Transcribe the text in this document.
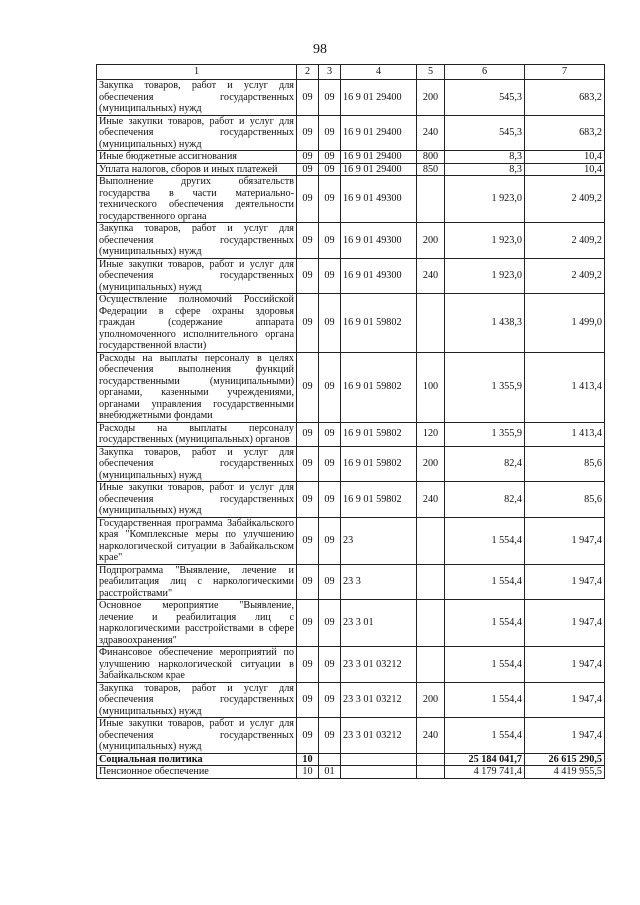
98
1	2	3	4	5	6	7
Закупка товаров, работ и услуг для обеспечения государственных (муниципальных) нужд	09	09	16 9 01 29400	200	545,3	683,2
Иные закупки товаров, работ и услуг для обеспечения государственных (муниципальных) нужд	09	09	16 9 01 29400	240	545,3	683,2
Иные бюджетные ассигнования	09	09	16 9 01 29400	800	8,3	10,4
Уплата налогов, сборов и иных платежей	09	09	16 9 01 29400	850	8,3	10,4
Выполнение других обязательств государства в части материально-технического обеспечения деятельности государственного органа	09	09	16 9 01 49300		1 923,0	2 409,2
Закупка товаров, работ и услуг для обеспечения государственных (муниципальных) нужд	09	09	16 9 01 49300	200	1 923,0	2 409,2
Иные закупки товаров, работ и услуг для обеспечения государственных (муниципальных) нужд	09	09	16 9 01 49300	240	1 923,0	2 409,2
Осуществление полномочий Российской Федерации в сфере охраны здоровья граждан (содержание аппарата уполномоченного исполнительного органа государственной власти)	09	09	16 9 01 59802		1 438,3	1 499,0
Расходы на выплаты персоналу в целях обеспечения выполнения функций государственными (муниципальными) органами, казенными учреждениями, органами управления государственными внебюджетными фондами	09	09	16 9 01 59802	100	1 355,9	1 413,4
Расходы на выплаты персоналу государственных (муниципальных) органов	09	09	16 9 01 59802	120	1 355,9	1 413,4
Закупка товаров, работ и услуг для обеспечения государственных (муниципальных) нужд	09	09	16 9 01 59802	200	82,4	85,6
Иные закупки товаров, работ и услуг для обеспечения государственных (муниципальных) нужд	09	09	16 9 01 59802	240	82,4	85,6
Государственная программа Забайкальского края "Комплексные меры по улучшению наркологической ситуации в Забайкальском крае"	09	09	23		1 554,4	1 947,4
Подпрограмма "Выявление, лечение и реабилитация лиц с наркологическими расстройствами"	09	09	23 3		1 554,4	1 947,4
Основное мероприятие "Выявление, лечение и реабилитация лиц с наркологическими расстройствами в сфере здравоохранения"	09	09	23 3 01		1 554,4	1 947,4
Финансовое обеспечение мероприятий по улучшению наркологической ситуации в Забайкальском крае	09	09	23 3 01 03212		1 554,4	1 947,4
Закупка товаров, работ и услуг для обеспечения государственных (муниципальных) нужд	09	09	23 3 01 03212	200	1 554,4	1 947,4
Иные закупки товаров, работ и услуг для обеспечения государственных (муниципальных) нужд	09	09	23 3 01 03212	240	1 554,4	1 947,4
Социальная политика	10				25 184 041,7	26 615 290,5
Пенсионное обеспечение	10	01			4 179 741,4	4 419 955,5
